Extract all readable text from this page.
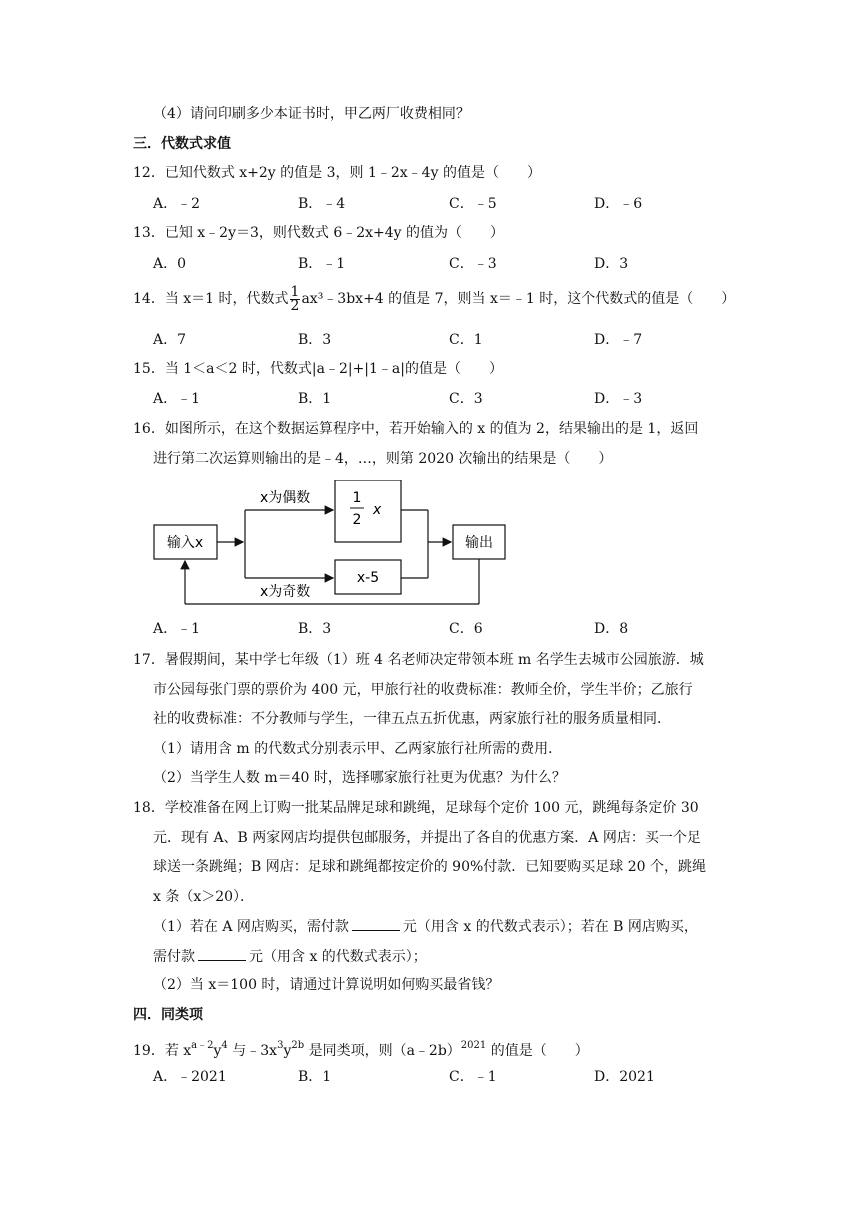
（4）请问印刷多少本证书时，甲乙两厂收费相同？
三．代数式求值
12．已知代数式 x+2y 的值是 3，则 1﹣2x﹣4y 的值是（　　）
A．﹣2	B．﹣4	C．﹣5	D．﹣6
13．已知 x﹣2y＝3，则代数式 6﹣2x+4y 的值为（　　）
A．0	B．﹣1	C．﹣3	D．3
14．当 x＝1 时，代数式 $\frac{1}{2}$ ax³﹣3bx+4 的值是 7，则当 x＝﹣1 时，这个代数式的值是（　　）
A．7	B．3	C．1	D．﹣7
15．当 1＜a＜2 时，代数式|a﹣2|+|1﹣a|的值是（　　）
A．﹣1	B．1	C．3	D．﹣3
16．如图所示，在这个数据运算程序中，若开始输入的 x 的值为 2，结果输出的是 1，返回
进行第二次运算则输出的是﹣4，…，则第 2020 次输出的结果是（　　）
输入x
x为偶数
x为奇数
1
2
x
x-5
输出
A．﹣1	B．3	C．6	D．8
17．暑假期间，某中学七年级（1）班 4 名老师决定带领本班 m 名学生去城市公园旅游．城
市公园每张门票的票价为 400 元，甲旅行社的收费标准：教师全价，学生半价；乙旅行
社的收费标准：不分教师与学生，一律五点五折优惠，两家旅行社的服务质量相同．
（1）请用含 m 的代数式分别表示甲、乙两家旅行社所需的费用．
（2）当学生人数 m＝40 时，选择哪家旅行社更为优惠？为什么？
18．学校准备在网上订购一批某品牌足球和跳绳，足球每个定价 100 元，跳绳每条定价 30
元．现有 A、B 两家网店均提供包邮服务，并提出了各自的优惠方案．A 网店：买一个足
球送一条跳绳；B 网店：足球和跳绳都按定价的 90%付款．已知要购买足球 20 个，跳绳
x 条（x＞20）．
（1）若在 A 网店购买，需付款	元（用含 x 的代数式表示）；若在 B 网店购买，
需付款	元（用含 x 的代数式表示）；
（2）当 x＝100 时，请通过计算说明如何购买最省钱？
四．同类项
19．若 $x^{a﹣2}y^4$ 与$﹣3x^3y^{2b}$ 是同类项，则（a﹣2b）$^{2021}$ 的值是（　　）
A．﹣2021	B．1	C．﹣1	D．2021
